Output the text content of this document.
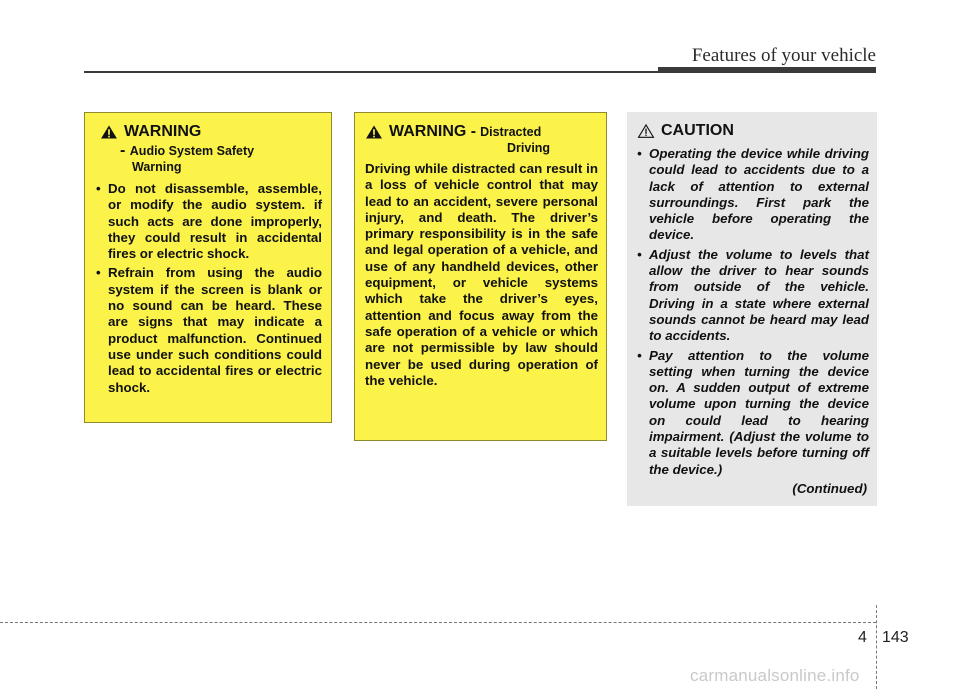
Features of your vehicle
WARNING
- Audio System Safety
Warning
• Do not disassemble, assemble, or modify the audio system. if such acts are done improperly, they could result in accidental fires or electric shock.
• Refrain from using the audio system if the screen is blank or no sound can be heard. These are signs that may indicate a product malfunction. Continued use under such conditions could lead to accidental fires or electric shock.
WARNING - Distracted
Driving
Driving while distracted can result in a loss of vehicle control that may lead to an accident, severe personal injury, and death. The driver’s primary responsibility is in the safe and legal operation of a vehicle, and use of any handheld devices, other equipment, or vehicle systems which take the driver’s eyes, attention and focus away from the safe operation of a vehicle or which are not permissible by law should never be used during operation of the vehicle.
CAUTION
• Operating the device while driving could lead to accidents due to a lack of attention to external surroundings. First park the vehicle before operating the device.
• Adjust the volume to levels that allow the driver to hear sounds from outside of the vehicle. Driving in a state where external sounds cannot be heard may lead to accidents.
• Pay attention to the volume setting when turning the device on. A sudden output of extreme volume upon turning the device on could lead to hearing impairment. (Adjust the volume to a suitable levels before turning off the device.)
(Continued)
4 143
carmanualsonline.info
